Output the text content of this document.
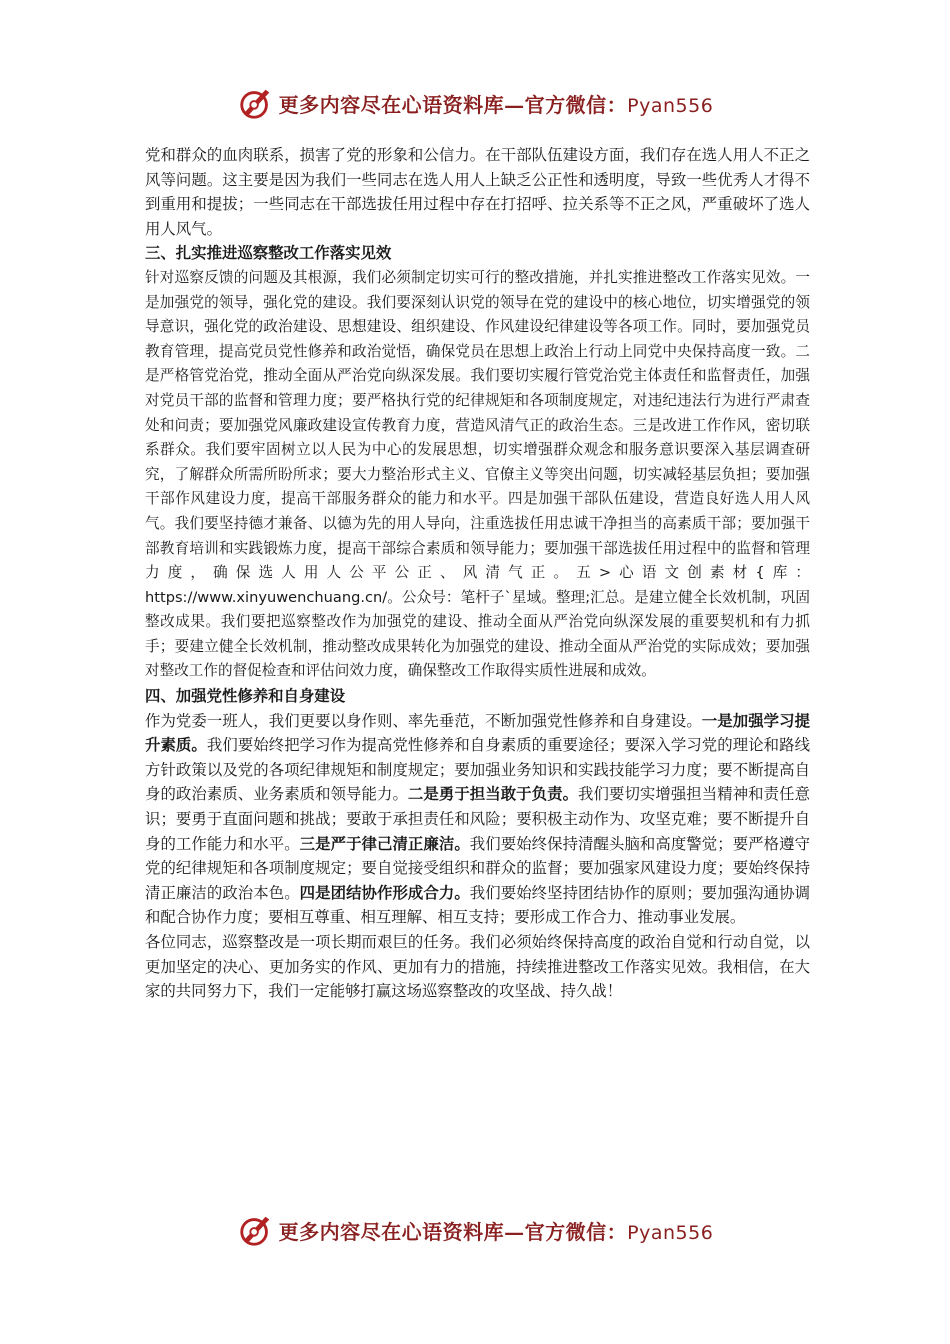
更多内容尽在心语资料库—官方微信：Pyan556

党和群众的血肉联系，损害了党的形象和公信力。在干部队伍建设方面，我们存在选人用人不正之风等问题。这主要是因为我们一些同志在选人用人上缺乏公正性和透明度，导致一些优秀人才得不到重用和提拔；一些同志在干部选拔任用过程中存在打招呼、拉关系等不正之风，严重破坏了选人用人风气。

三、扎实推进巡察整改工作落实见效

针对巡察反馈的问题及其根源，我们必须制定切实可行的整改措施，并扎实推进整改工作落实见效。一是加强党的领导，强化党的建设。我们要深刻认识党的领导在党的建设中的核心地位，切实增强党的领导意识，强化党的政治建设、思想建设、组织建设、作风建设纪律建设等各项工作。同时，要加强党员教育管理，提高党员党性修养和政治觉悟，确保党员在思想上政治上行动上同党中央保持高度一致。二是严格管党治党，推动全面从严治党向纵深发展。我们要切实履行管党治党主体责任和监督责任，加强对党员干部的监督和管理力度；要严格执行党的纪律规矩和各项制度规定，对违纪违法行为进行严肃查处和问责；要加强党风廉政建设宣传教育力度，营造风清气正的政治生态。三是改进工作作风，密切联系群众。我们要牢固树立以人民为中心的发展思想，切实增强群众观念和服务意识要深入基层调查研究，了解群众所需所盼所求；要大力整治形式主义、官僚主义等突出问题，切实减轻基层负担；要加强干部作风建设力度，提高干部服务群众的能力和水平。四是加强干部队伍建设，营造良好选人用人风气。我们要坚持德才兼备、以德为先的用人导向，注重选拔任用忠诚干净担当的高素质干部；要加强干部教育培训和实践锻炼力度，提高干部综合素质和领导能力；要加强干部选拔任用过程中的监督和管理力度，确保选人用人公平公正、风清气正。五>心语文创素材{库：https://www.xinyuwenchuang.cn/。公众号：笔杆子`星域。整理;汇总。是建立健全长效机制，巩固整改成果。我们要把巡察整改作为加强党的建设、推动全面从严治党向纵深发展的重要契机和有力抓手；要建立健全长效机制，推动整改成果转化为加强党的建设、推动全面从严治党的实际成效；要加强对整改工作的督促检查和评估问效力度，确保整改工作取得实质性进展和成效。

四、加强党性修养和自身建设

作为党委一班人，我们更要以身作则、率先垂范，不断加强党性修养和自身建设。一是加强学习提升素质。我们要始终把学习作为提高党性修养和自身素质的重要途径；要深入学习党的理论和路线方针政策以及党的各项纪律规矩和制度规定；要加强业务知识和实践技能学习力度；要不断提高自身的政治素质、业务素质和领导能力。二是勇于担当敢于负责。我们要切实增强担当精神和责任意识；要勇于直面问题和挑战；要敢于承担责任和风险；要积极主动作为、攻坚克难；要不断提升自身的工作能力和水平。三是严于律己清正廉洁。我们要始终保持清醒头脑和高度警觉；要严格遵守党的纪律规矩和各项制度规定；要自觉接受组织和群众的监督；要加强家风建设力度；要始终保持清正廉洁的政治本色。四是团结协作形成合力。我们要始终坚持团结协作的原则；要加强沟通协调和配合协作力度；要相互尊重、相互理解、相互支持；要形成工作合力、推动事业发展。

各位同志，巡察整改是一项长期而艰巨的任务。我们必须始终保持高度的政治自觉和行动自觉，以更加坚定的决心、更加务实的作风、更加有力的措施，持续推进整改工作落实见效。我相信，在大家的共同努力下，我们一定能够打赢这场巡察整改的攻坚战、持久战！

更多内容尽在心语资料库—官方微信：Pyan556
